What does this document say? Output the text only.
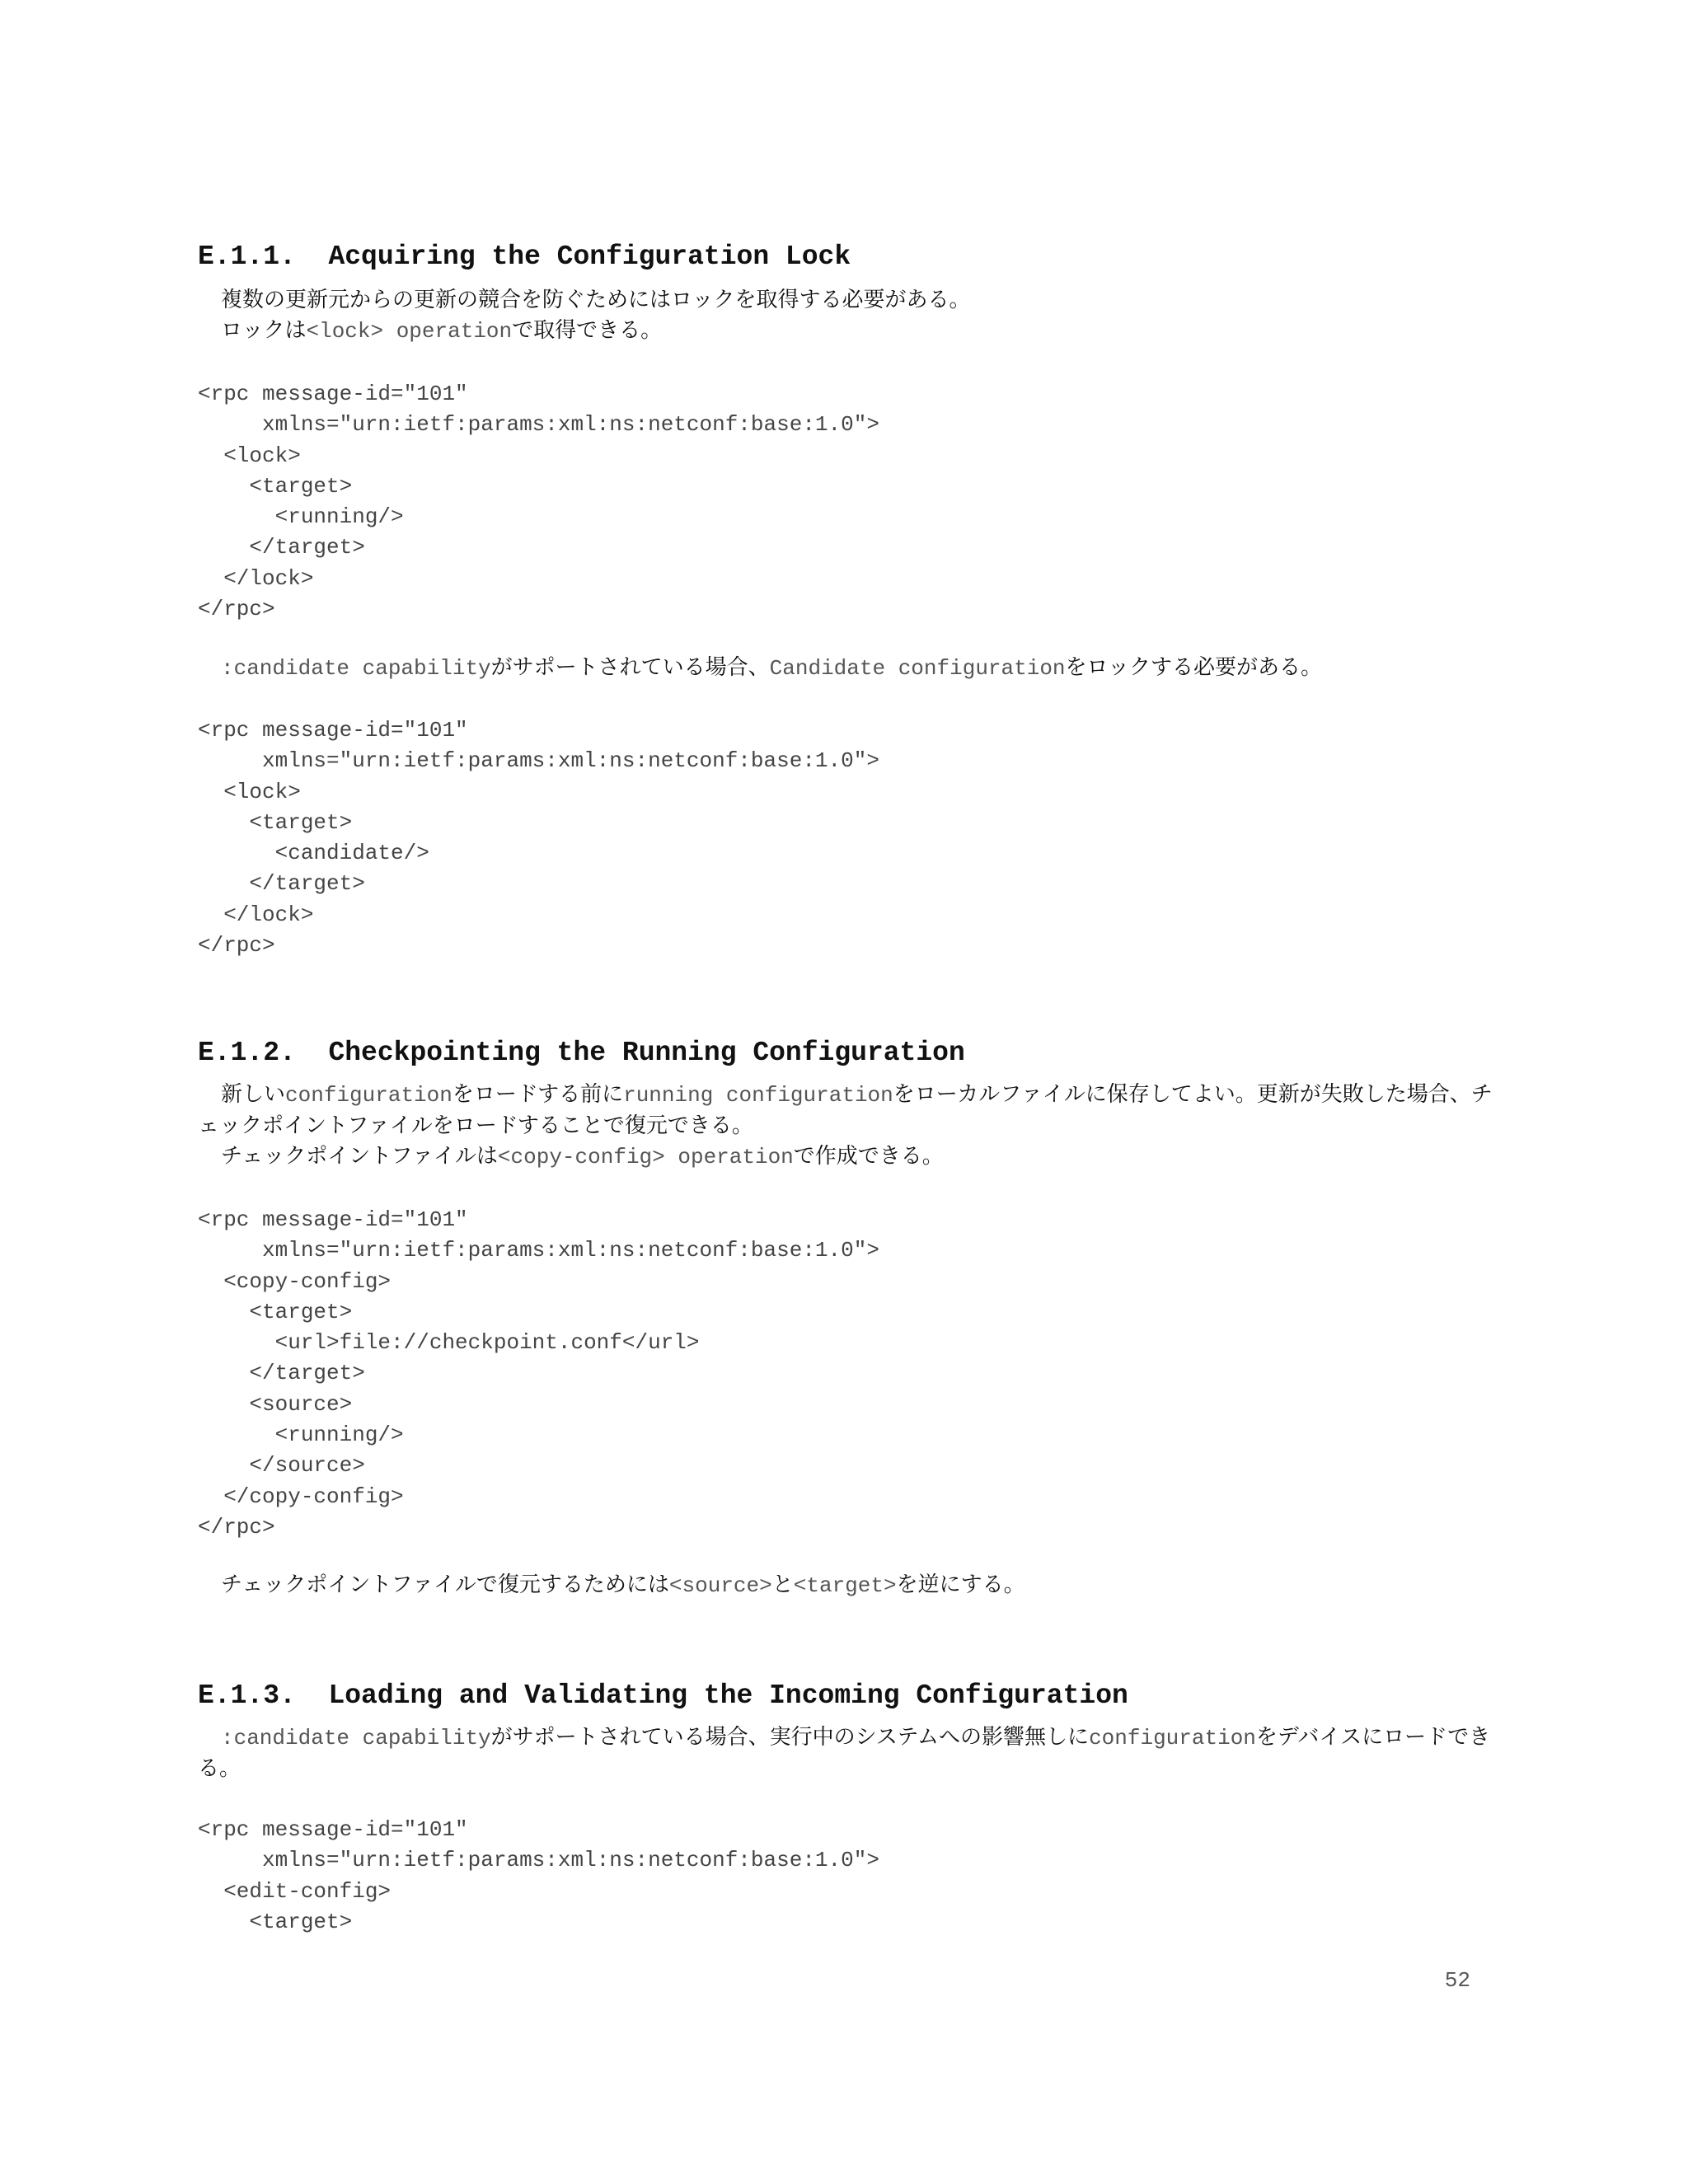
E.1.1. Acquiring the Configuration Lock

複数の更新元からの更新の競合を防ぐためにはロックを取得する必要がある。

ロックは<lock> operationで取得できる。

<rpc message-id="101"
xmlns="urn:ietf:params:xml:ns:netconf:base:1.0">
<lock>
<target>
<running/>
</target>
</lock>
</rpc>

:candidate capabilityがサポートされている場合、Candidate configurationをロックする必要がある。

<rpc message-id="101"
xmlns="urn:ietf:params:xml:ns:netconf:base:1.0">
<lock>
<target>
<candidate/>
</target>
</lock>
</rpc>
E.1.2. Checkpointing the Running Configuration

新しいconfigurationをロードする前にrunning configurationをローカルファイルに保存してよい。更新が失敗した場合、チェックポイントファイルをロードすることで復元できる。

チェックポイントファイルは<copy-config> operationで作成できる。

<rpc message-id="101"
xmlns="urn:ietf:params:xml:ns:netconf:base:1.0">
<copy-config>
<target>
<url>file://checkpoint.conf</url>
</target>
<source>
<running/>
</source>
</copy-config>
</rpc>

チェックポイントファイルで復元するためには<source>と<target>を逆にする。

E.1.3. Loading and Validating the Incoming Configuration

:candidate capabilityがサポートされている場合、実行中のシステムへの影響無しにconfigurationをデバイスにロードできる。

<rpc message-id="101"
xmlns="urn:ietf:params:xml:ns:netconf:base:1.0">
<edit-config>
<target>
52
